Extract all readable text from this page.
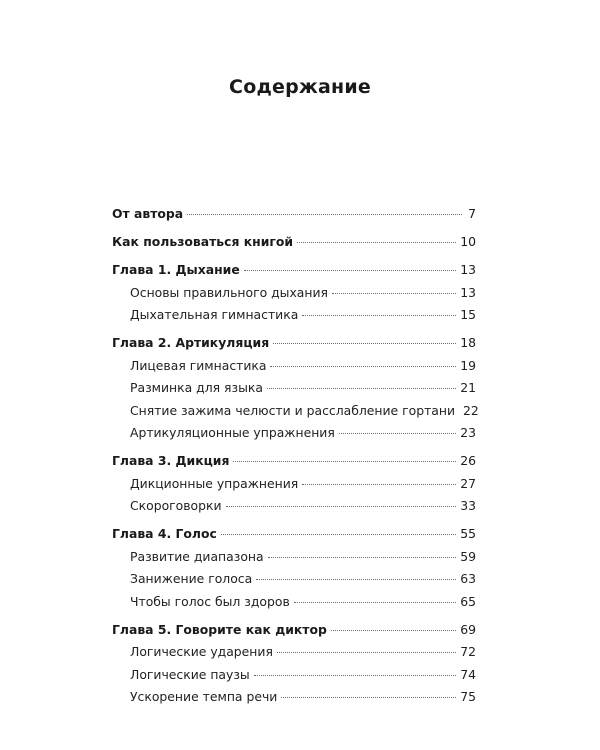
Содержание
От автора	7
Как пользоваться книгой	10
Глава 1. Дыхание	13
Основы правильного дыхания	13
Дыхательная гимнастика	15
Глава 2. Артикуляция	18
Лицевая гимнастика	19
Разминка для языка	21
Снятие зажима челюсти и расслабление гортани 22
Артикуляционные упражнения	23
Глава 3. Дикция	26
Дикционные упражнения	27
Скороговорки	33
Глава 4. Голос	55
Развитие диапазона	59
Занижение голоса	63
Чтобы голос был здоров	65
Глава 5. Говорите как диктор	69
Логические ударения	72
Логические паузы	74
Ускорение темпа речи	75
